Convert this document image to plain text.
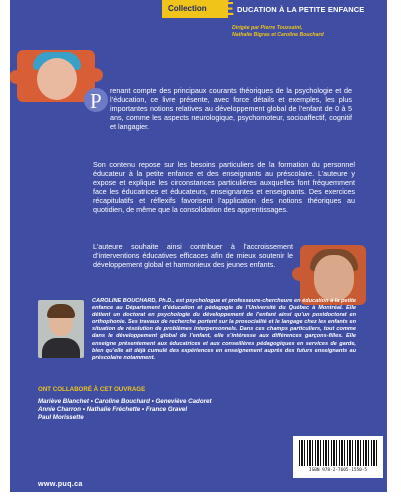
Collection É DUCATION À LA PETITE ENFANCE
Dirigée par Pierre Toussaint,
Nathalie Bigras et Caroline Bouchard
P renant compte des principaux courants théoriques de la psychologie et de l’éducation, ce livre présente, avec force détails et exemples, les plus importantes notions relatives au développement global de l’enfant de 0 à 5 ans, comme les aspects neurologique, psychomoteur, socioaffectif, cognitif et langagier.

Son contenu repose sur les besoins particuliers de la formation du personnel éducateur à la petite enfance et des enseignants au préscolaire. L’auteure y expose et explique les circonstances particulières auxquelles font fréquemment face les éducatrices et éducateurs, enseignantes et enseignants. Des exercices récapitulatifs et réflexifs favorisent l’application des notions théoriques au quotidien, de même que la consolidation des apprentissages.

L’auteure souhaite ainsi contribuer à l’accroissement d’interventions éducatives efficaces afin de mieux soutenir le développement global et harmonieux des jeunes enfants.

CAROLINE BOUCHARD, Ph.D., est psychologue et professeure-chercheure en éducation à la petite enfance au Département d’éducation et pédagogie de l’Université du Québec à Montréal. Elle détient un doctorat en psychologie du développement de l’enfant ainsi qu’un postdoctorat en orthophonie. Ses travaux de recherche portent sur la prosocialité et le langage chez les enfants en situation de résolution de problèmes interpersonnels. Dans ces champs particuliers, tout comme dans le développement global de l’enfant, elle s’intéresse aux différences garçons-filles. Elle enseigne présentement aux éducatrices et aux conseillères pédagogiques en services de garde, bien qu’elle ait déjà cumulé des expériences en enseignement auprès des futurs enseignants au préscolaire notamment.

ONT COLLABORÉ À CET OUVRAGE
Mariève Blanchet • Caroline Bouchard • Geneviève Cadoret
Annie Charron • Nathalie Fréchette • France Gravel
Paul Morissette
ISBN 978-2-7605-1550-5
www.puq.ca
